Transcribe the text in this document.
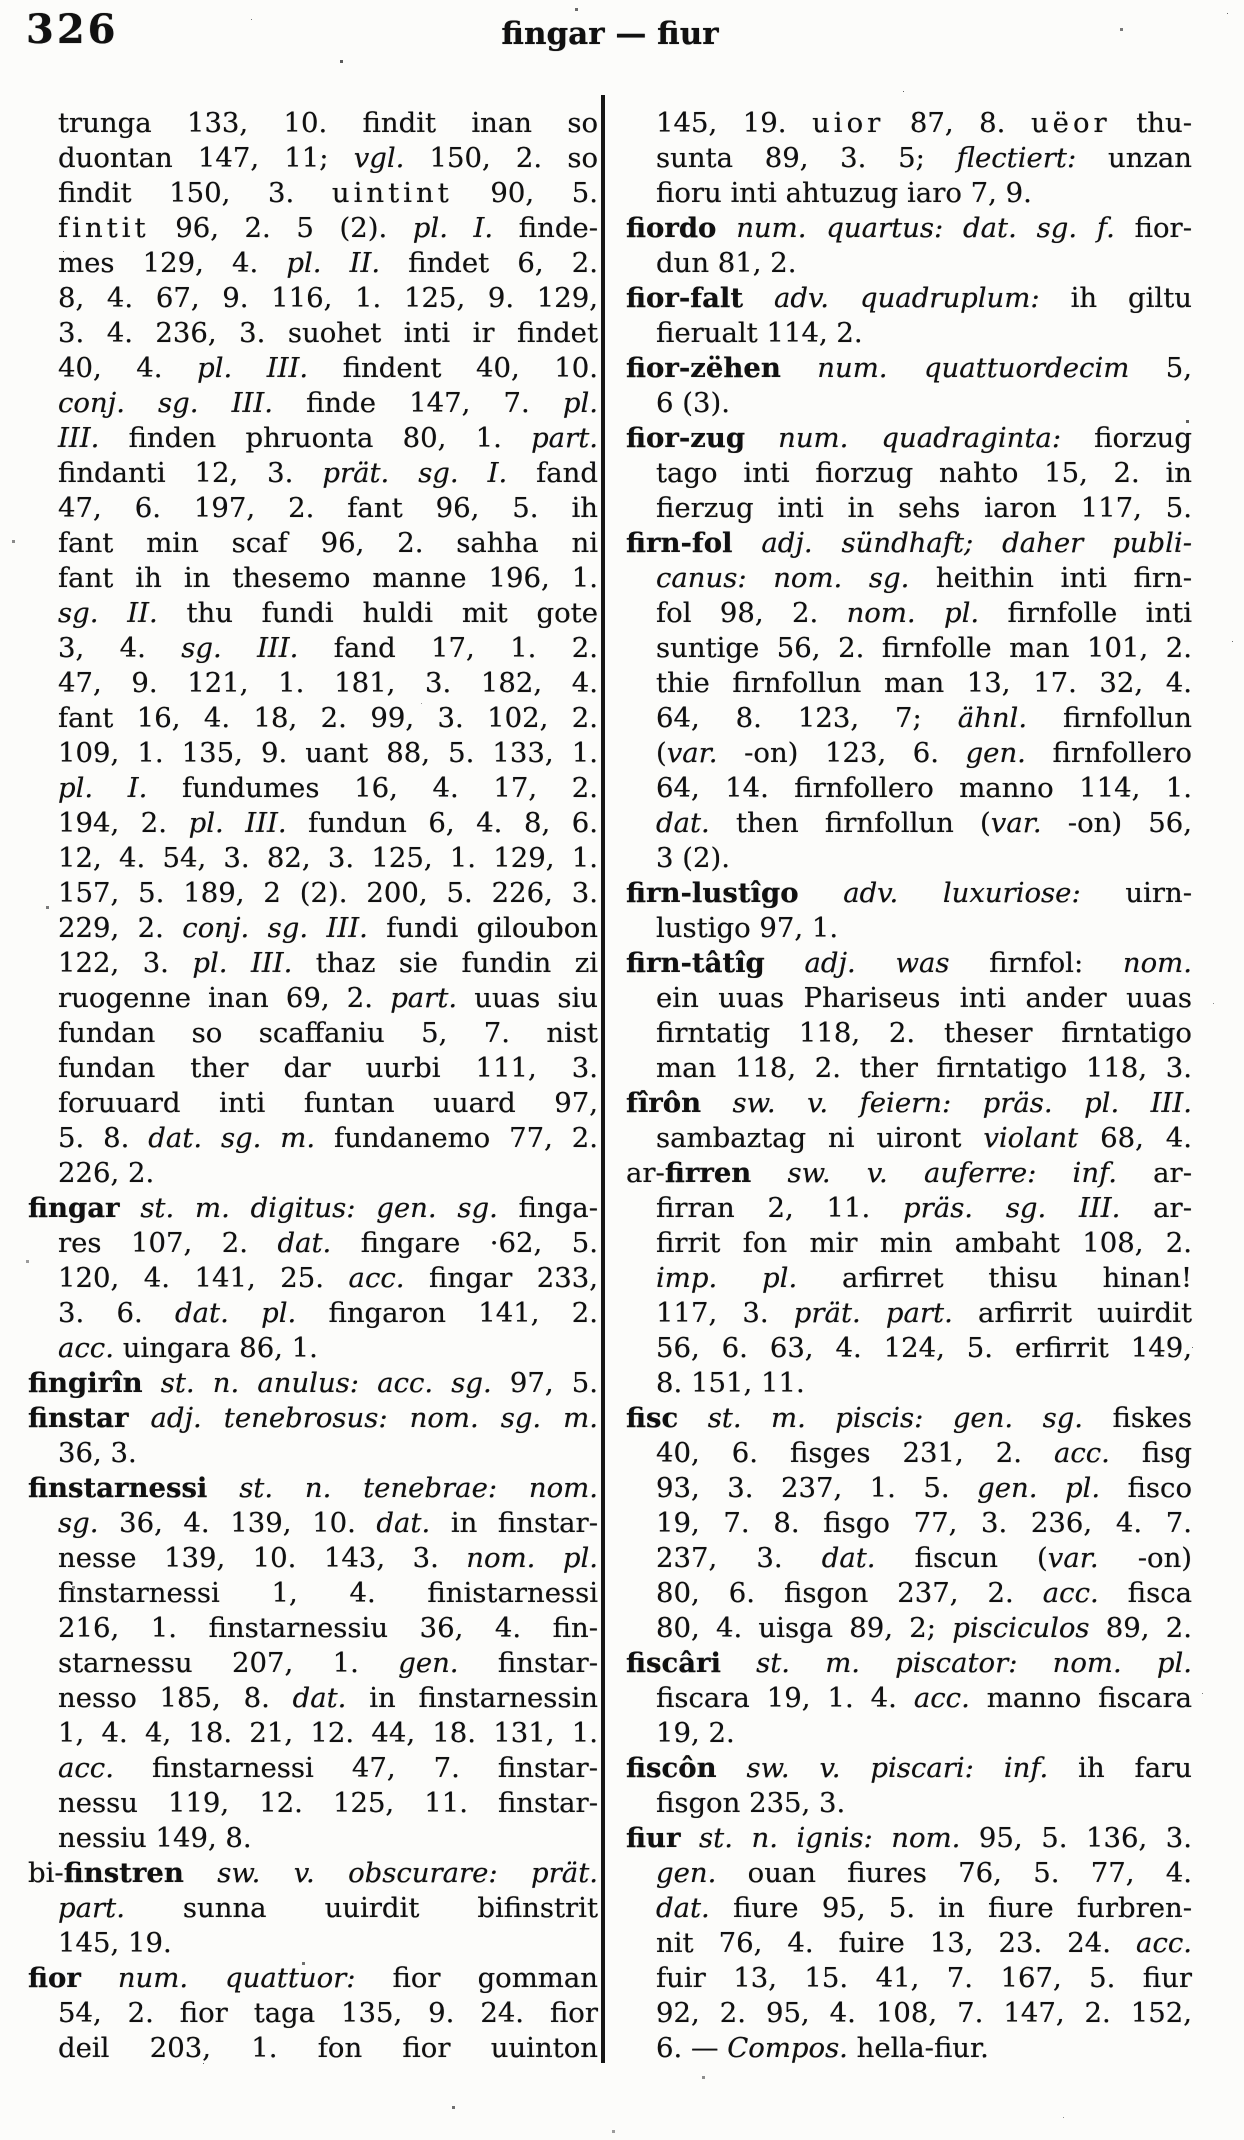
326	fingar — fiur
trunga 133, 10. findit inan so
duontan 147, 11; vgl. 150, 2. so
findit 150, 3. uintint 90, 5.
fintit 96, 2. 5 (2). pl. I. finde-
mes 129, 4. pl. II. findet 6, 2.
8, 4. 67, 9. 116, 1. 125, 9. 129,
3. 4. 236, 3. suohet inti ir findet
40, 4. pl. III. findent 40, 10.
conj. sg. III. finde 147, 7. pl.
III. finden phruonta 80, 1. part.
findanti 12, 3. prät. sg. I. fand
47, 6. 197, 2. fant 96, 5. ih
fant min scaf 96, 2. sahha ni
fant ih in thesemo manne 196, 1.
sg. II. thu fundi huldi mit gote
3, 4. sg. III. fand 17, 1. 2.
47, 9. 121, 1. 181, 3. 182, 4.
fant 16, 4. 18, 2. 99, 3. 102, 2.
109, 1. 135, 9. uant 88, 5. 133, 1.
pl. I. fundumes 16, 4. 17, 2.
194, 2. pl. III. fundun 6, 4. 8, 6.
12, 4. 54, 3. 82, 3. 125, 1. 129, 1.
157, 5. 189, 2 (2). 200, 5. 226, 3.
229, 2. conj. sg. III. fundi giloubon
122, 3. pl. III. thaz sie fundin zi
ruogenne inan 69, 2. part. uuas siu
fundan so scaffaniu 5, 7. nist
fundan ther dar uurbi 111, 3.
foruuard inti funtan uuard 97,
5. 8. dat. sg. m. fundanemo 77, 2.
226, 2.
fingar st. m. digitus: gen. sg. finga-
res 107, 2. dat. fingare ·62, 5.
120, 4. 141, 25. acc. fingar 233,
3. 6. dat. pl. fingaron 141, 2.
acc. uingara 86, 1.
fingirîn st. n. anulus: acc. sg. 97, 5.
finstar adj. tenebrosus: nom. sg. m.
36, 3.
finstarnessi st. n. tenebrae: nom.
sg. 36, 4. 139, 10. dat. in finstar-
nesse 139, 10. 143, 3. nom. pl.
finstarnessi 1, 4. finistarnessi
216, 1. finstarnessiu 36, 4. fin-
starnessu 207, 1. gen. finstar-
nesso 185, 8. dat. in finstarnessin
1, 4. 4, 18. 21, 12. 44, 18. 131, 1.
acc. finstarnessi 47, 7. finstar-
nessu 119, 12. 125, 11. finstar-
nessiu 149, 8.
bi-finstren sw. v. obscurare: prät.
part. sunna uuirdit bifinstrit
145, 19.
fior num. quattuor: fior gomman
54, 2. fior taga 135, 9. 24. fior
deil 203, 1. fon fior uuinton
145, 19. uior 87, 8. uëor thu-
sunta 89, 3. 5; flectiert: unzan
fioru inti ahtuzug iaro 7, 9.
fiordo num. quartus: dat. sg. f. fior-
dun 81, 2.
fior-falt adv. quadruplum: ih giltu
fierualt 114, 2.
fior-zëhen num. quattuordecim 5,
6 (3).
fior-zug num. quadraginta: fiorzug
tago inti fiorzug nahto 15, 2. in
fierzug inti in sehs iaron 117, 5.
firn-fol adj. sündhaft; daher publi-
canus: nom. sg. heithin inti firn-
fol 98, 2. nom. pl. firnfolle inti
suntige 56, 2. firnfolle man 101, 2.
thie firnfollun man 13, 17. 32, 4.
64, 8. 123, 7; ähnl. firnfollun
(var. -on) 123, 6. gen. firnfollero
64, 14. firnfollero manno 114, 1.
dat. then firnfollun (var. -on) 56,
3 (2).
firn-lustîgo adv. luxuriose: uirn-
lustigo 97, 1.
firn-tâtîg adj. was firnfol: nom.
ein uuas Phariseus inti ander uuas
firntatig 118, 2. theser firntatigo
man 118, 2. ther firntatigo 118, 3.
fîrôn sw. v. feiern: präs. pl. III.
sambaztag ni uiront violant 68, 4.
ar-firren sw. v. auferre: inf. ar-
firran 2, 11. präs. sg. III. ar-
firrit fon mir min ambaht 108, 2.
imp. pl. arfirret thisu hinan!
117, 3. prät. part. arfirrit uuirdit
56, 6. 63, 4. 124, 5. erfirrit 149,
8. 151, 11.
fisc st. m. piscis: gen. sg. fiskes
40, 6. fisges 231, 2. acc. fisg
93, 3. 237, 1. 5. gen. pl. fisco
19, 7. 8. fisgo 77, 3. 236, 4. 7.
237, 3. dat. fiscun (var. -on)
80, 6. fisgon 237, 2. acc. fisca
80, 4. uisga 89, 2; pisciculos 89, 2.
fiscâri st. m. piscator: nom. pl.
fiscara 19, 1. 4. acc. manno fiscara
19, 2.
fiscôn sw. v. piscari: inf. ih faru
fisgon 235, 3.
fiur st. n. ignis: nom. 95, 5. 136, 3.
gen. ouan fiures 76, 5. 77, 4.
dat. fiure 95, 5. in fiure furbren-
nit 76, 4. fuire 13, 23. 24. acc.
fuir 13, 15. 41, 7. 167, 5. fiur
92, 2. 95, 4. 108, 7. 147, 2. 152,
6. — Compos. hella-fiur.
